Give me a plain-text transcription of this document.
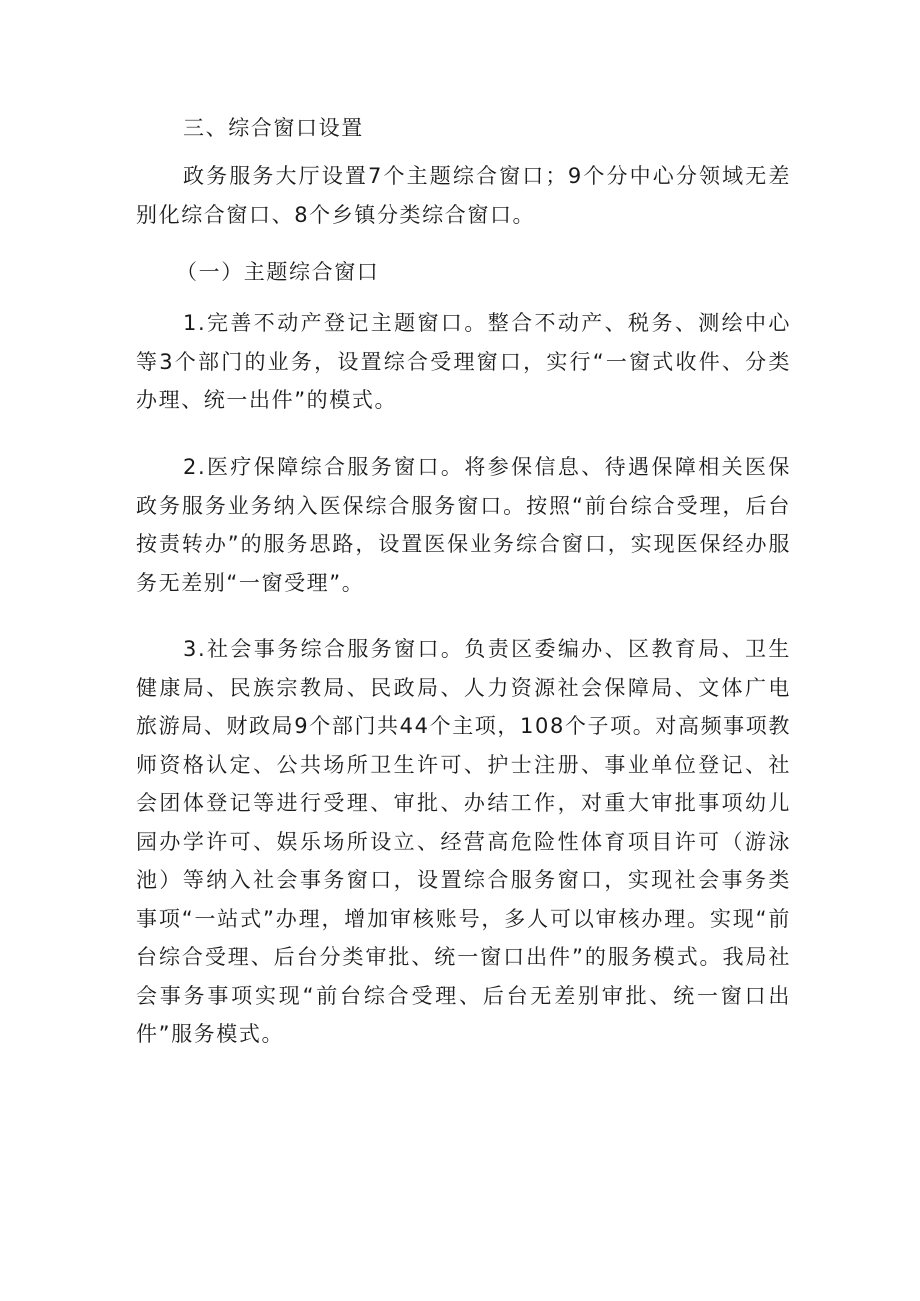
三、综合窗口设置

政务服务大厅设置7个主题综合窗口；9个分中心分领域无差别化综合窗口、8个乡镇分类综合窗口。

（一）主题综合窗口

1.完善不动产登记主题窗口。整合不动产、税务、测绘中心等3个部门的业务，设置综合受理窗口，实行“一窗式收件、分类办理、统一出件”的模式。

2.医疗保障综合服务窗口。将参保信息、待遇保障相关医保政务服务业务纳入医保综合服务窗口。按照“前台综合受理，后台按责转办”的服务思路，设置医保业务综合窗口，实现医保经办服务无差别“一窗受理”。

3.社会事务综合服务窗口。负责区委编办、区教育局、卫生健康局、民族宗教局、民政局、人力资源社会保障局、文体广电旅游局、财政局9个部门共44个主项，108个子项。对高频事项教师资格认定、公共场所卫生许可、护士注册、事业单位登记、社会团体登记等进行受理、审批、办结工作，对重大审批事项幼儿园办学许可、娱乐场所设立、经营高危险性体育项目许可（游泳池）等纳入社会事务窗口，设置综合服务窗口，实现社会事务类事项“一站式”办理，增加审核账号，多人可以审核办理。实现“前台综合受理、后台分类审批、统一窗口出件”的服务模式。我局社会事务事项实现“前台综合受理、后台无差别审批、统一窗口出件”服务模式。
